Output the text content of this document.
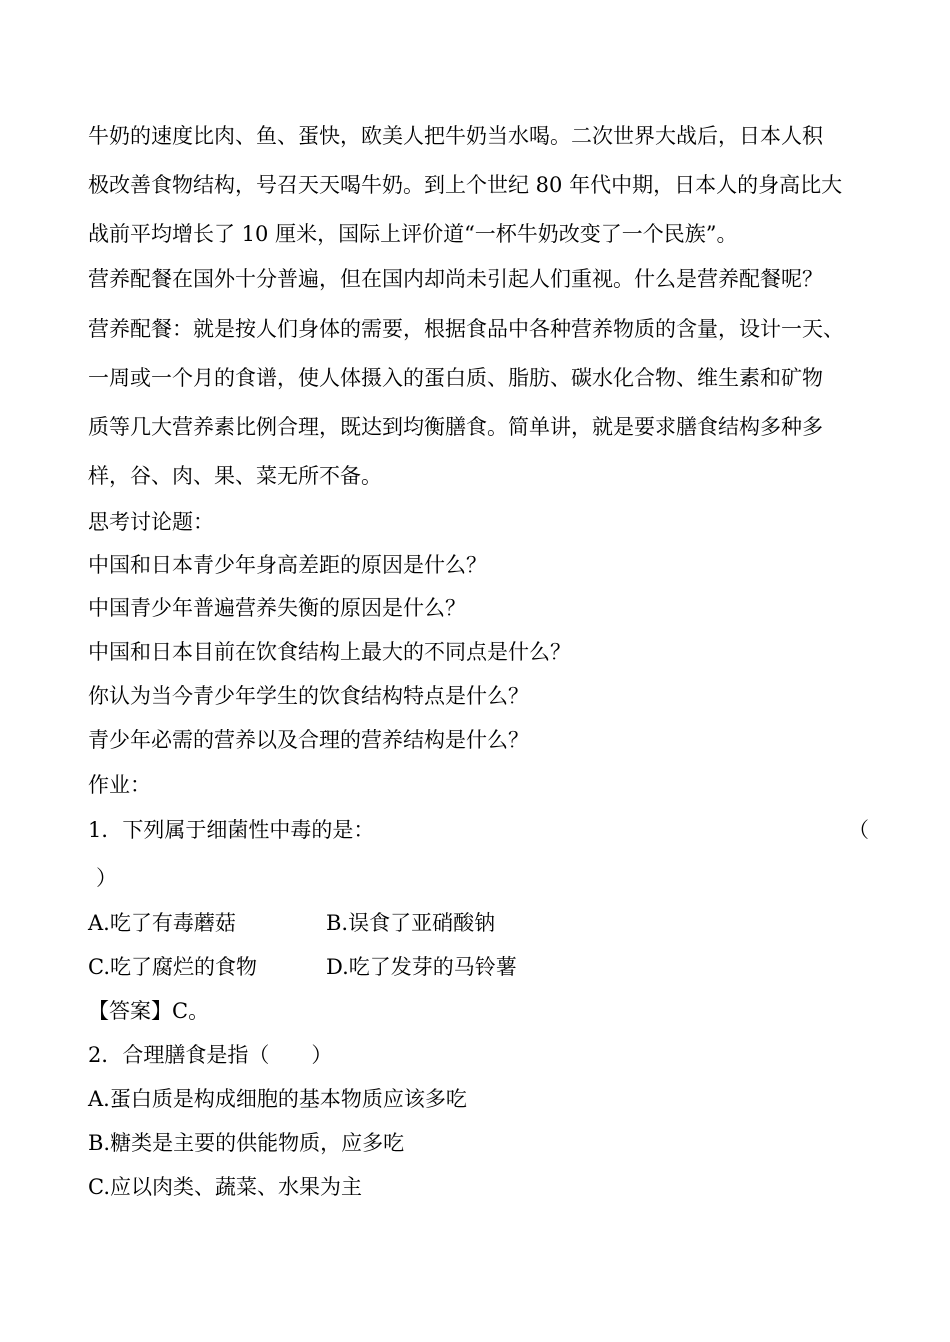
牛奶的速度比肉、鱼、蛋快，欧美人把牛奶当水喝。二次世界大战后，日本人积

极改善食物结构，号召天天喝牛奶。到上个世纪 80 年代中期，日本人的身高比大

战前平均增长了 10 厘米，国际上评价道“一杯牛奶改变了一个民族”。

营养配餐在国外十分普遍，但在国内却尚未引起人们重视。什么是营养配餐呢？

营养配餐：就是按人们身体的需要，根据食品中各种营养物质的含量，设计一天、

一周或一个月的食谱，使人体摄入的蛋白质、脂肪、碳水化合物、维生素和矿物

质等几大营养素比例合理，既达到均衡膳食。简单讲，就是要求膳食结构多种多

样，谷、肉、果、菜无所不备。

思考讨论题：

中国和日本青少年身高差距的原因是什么？

中国青少年普遍营养失衡的原因是什么？

中国和日本目前在饮食结构上最大的不同点是什么？

你认为当今青少年学生的饮食结构特点是什么？

青少年必需的营养以及合理的营养结构是什么？

作业：

1．下列属于细菌性中毒的是：	（

）

A.吃了有毒蘑菇	B.误食了亚硝酸钠

C.吃了腐烂的食物	D.吃了发芽的马铃薯

【答案】C。

2．合理膳食是指（　　）

A.蛋白质是构成细胞的基本物质应该多吃

B.糖类是主要的供能物质，应多吃

C.应以肉类、蔬菜、水果为主
